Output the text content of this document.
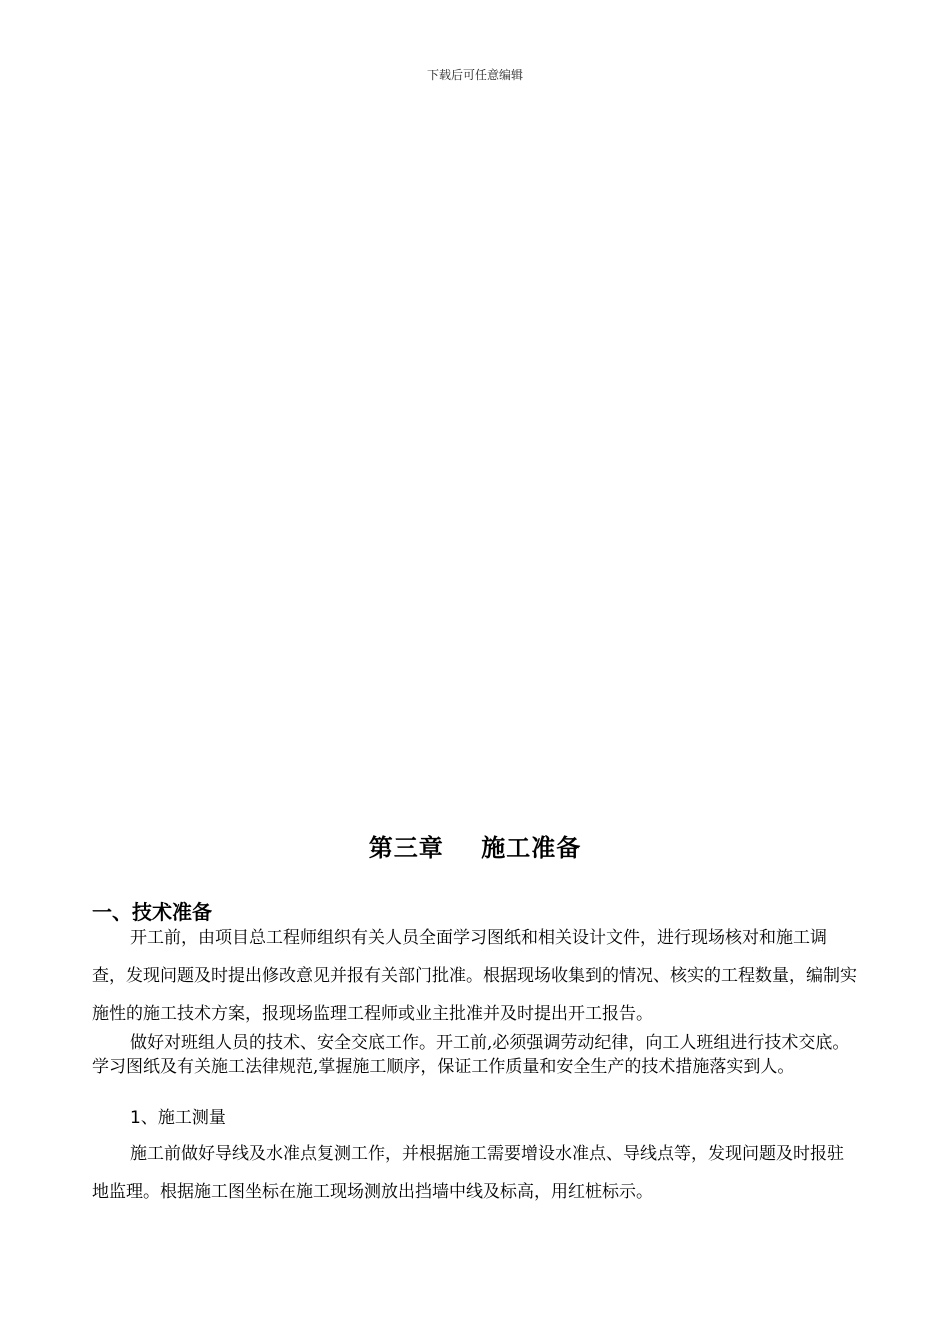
下载后可任意编辑
第三章    施工准备
一、技术准备

开工前，由项目总工程师组织有关人员全面学习图纸和相关设计文件，进行现场核对和施工调查，发现问题及时提出修改意见并报有关部门批准。根据现场收集到的情况、核实的工程数量，编制实施性的施工技术方案，报现场监理工程师或业主批准并及时提出开工报告。

做好对班组人员的技术、安全交底工作。开工前,必须强调劳动纪律，向工人班组进行技术交底。学习图纸及有关施工法律规范,掌握施工顺序，保证工作质量和安全生产的技术措施落实到人。

1、施工测量

施工前做好导线及水准点复测工作，并根据施工需要增设水准点、导线点等，发现问题及时报驻地监理。根据施工图坐标在施工现场测放出挡墙中线及标高，用红桩标示。
